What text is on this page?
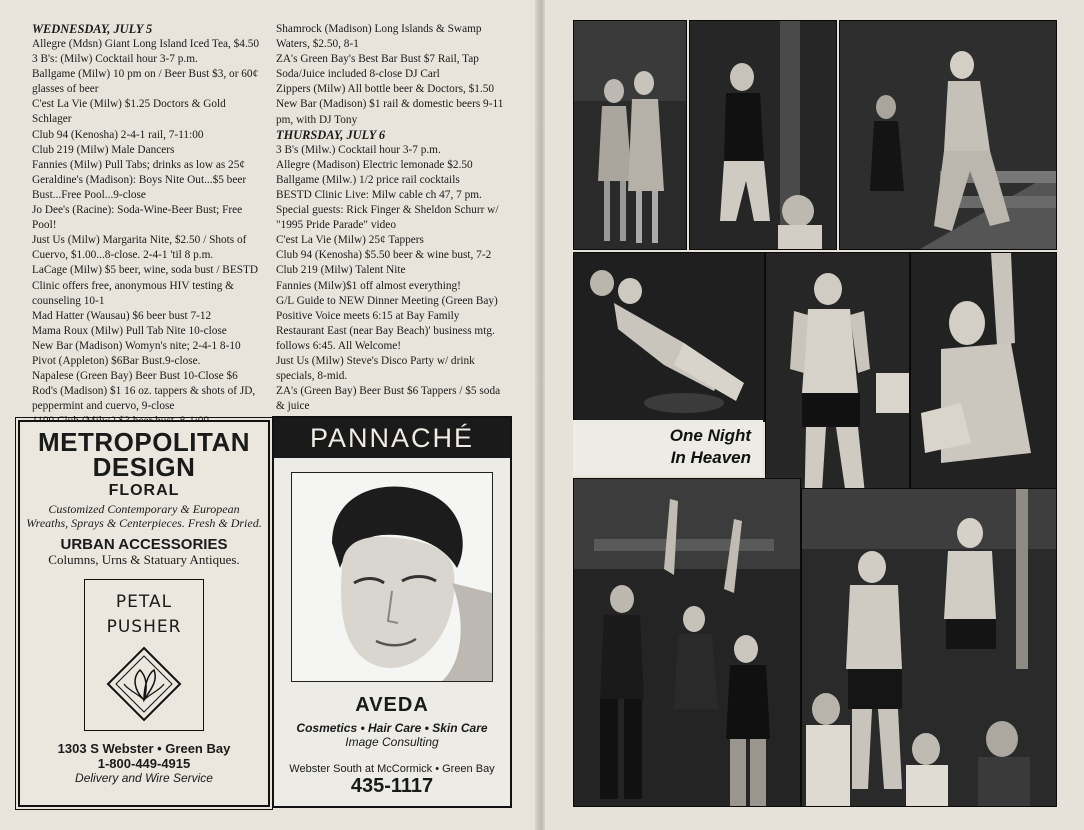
WEDNESDAY, JULY 5

Allegre (Mdsn) Giant Long Island Iced Tea, $4.50

3 B's: (Milw) Cocktail hour 3-7 p.m.

Ballgame (Milw) 10 pm on / Beer Bust $3, or 60¢ glasses of beer

C'est La Vie (Milw) $1.25 Doctors & Gold Schlager

Club 94 (Kenosha) 2-4-1 rail, 7-11:00

Club 219 (Milw) Male Dancers

Fannies (Milw) Pull Tabs; drinks as low as 25¢

Geraldine's (Madison): Boys Nite Out...$5 beer Bust...Free Pool...9-close

Jo Dee's (Racine): Soda-Wine-Beer Bust; Free Pool!

Just Us (Milw) Margarita Nite, $2.50 / Shots of Cuervo, $1.00...8-close. 2-4-1 'til 8 p.m.

LaCage (Milw) $5 beer, wine, soda bust / BESTD Clinic offers free, anonymous HIV testing & counseling 10-1

Mad Hatter (Wausau) $6 beer bust 7-12

Mama Roux (Milw) Pull Tab Nite 10-close

New Bar (Madison) Womyn's nite; 2-4-1 8-10

Pivot (Appleton) $6Bar Bust.9-close.

Napalese (Green Bay) Beer Bust 10-Close $6

Rod's (Madison) $1 16 oz. tappers & shots of JD, peppermint and cuervo, 9-close

Shamrock (Madison) Long Islands & Swamp Waters, $2.50, 8-1

ZA's Green Bay's Best Bar Bust $7 Rail, Tap Soda/Juice included 8-close DJ Carl

Zippers (Milw) All bottle beer & Doctors, $1.50

New Bar (Madison) $1 rail & domestic beers 9-11 pm, with DJ Tony

THURSDAY, JULY 6

3 B's (Milw.) Cocktail hour 3-7 p.m.

Allegre (Madison) Electric lemonade $2.50

Ballgame (Milw.) 1/2 price rail cocktails

BESTD Clinic Live: Milw cable ch 47, 7 pm.

Special guests: Rick Finger & Sheldon Schurr w/ "1995 Pride Parade" video

C'est La Vie (Milw) 25¢ Tappers

Club 94 (Kenosha) $5.50 beer & wine bust, 7-2

Club 219 (Milw) Talent Nite

Fannies (Milw)$1 off almost everything!

G/L Guide to NEW Dinner Meeting (Green Bay) Positive Voice meets 6:15 at Bay Family Restaurant East (near Bay Beach)' business mtg. follows 6:45. All Welcome!

Just Us (Milw) Steve's Disco Party w/ drink specials, 8-mid.

ZA's (Green Bay) Beer Bust $6 Tappers / $5 soda & juice

METROPOLITAN
DESIGN
FLORAL
Customized Contemporary & European Wreaths, Sprays & Centerpieces. Fresh & Dried.
URBAN ACCESSORIES
Columns, Urns & Statuary Antiques.
PETAL
PUSHER
1303 S Webster • Green Bay
1-800-449-4915
Delivery and Wire Service
PANNACHÉ
AVEDA
Cosmetics • Hair Care • Skin Care
Image Consulting
Webster South at McCormick • Green Bay
435-1117
One Night
In Heaven
